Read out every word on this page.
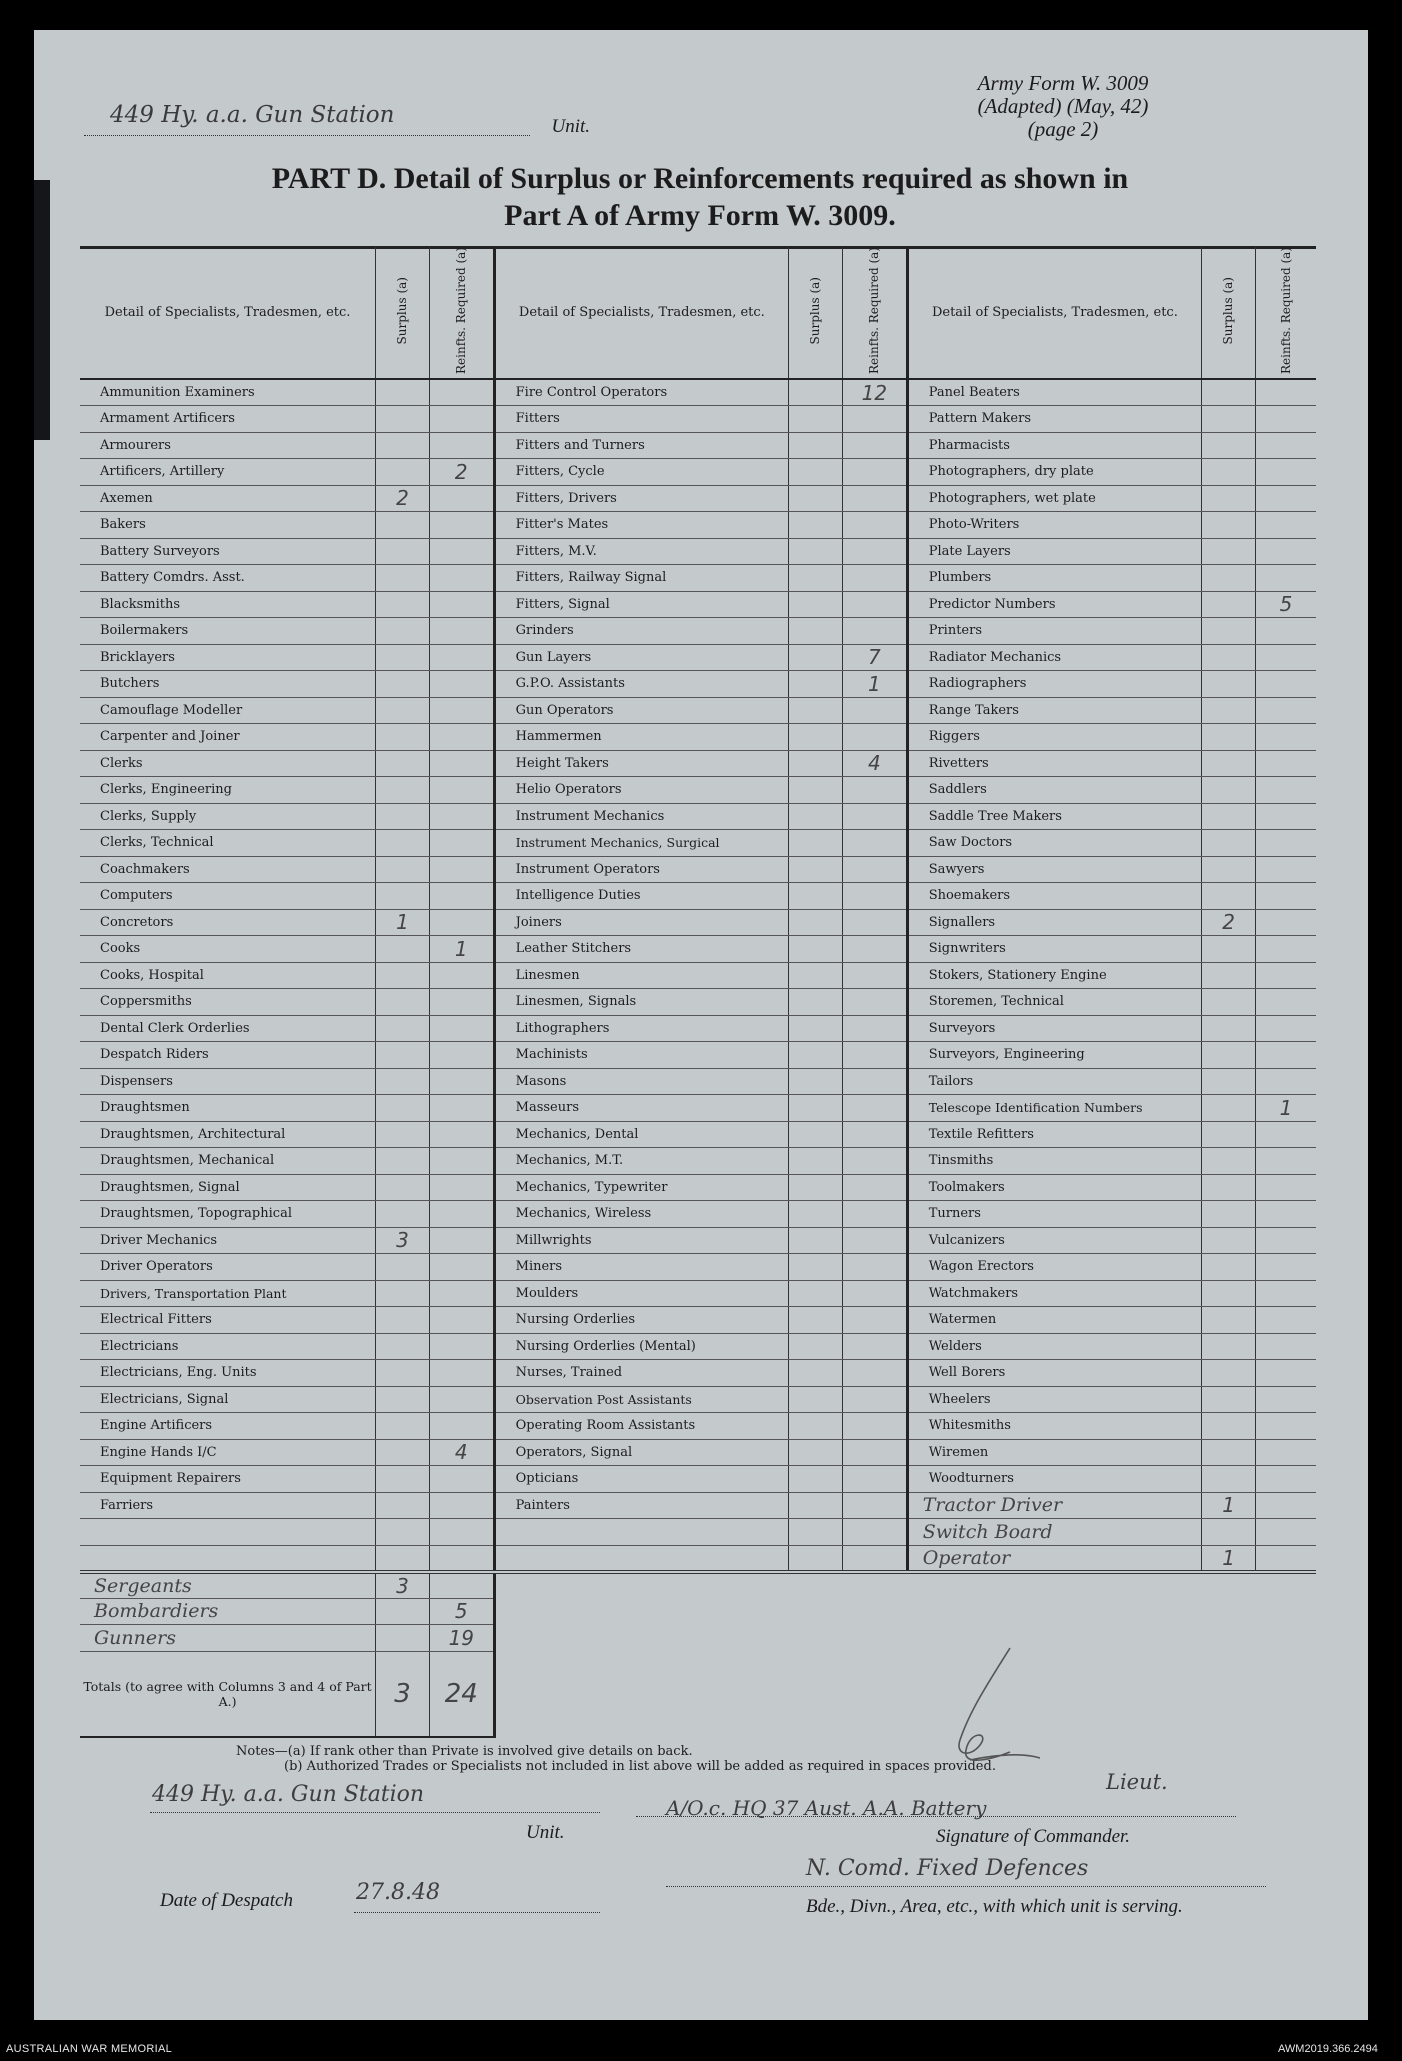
Army Form W. 3009
(Adapted) (May, 42)
(page 2)
449 Hy. a.a. Gun Station	Unit.
PART D. Detail of Surplus or Reinforcements required as shown in
Part A of Army Form W. 3009.
Detail of Specialists, Tradesmen, etc.	Surplus (a)	Reinfts. Required (a)	Detail of Specialists, Tradesmen, etc.	Surplus (a)	Reinfts. Required (a)	Detail of Specialists, Tradesmen, etc.	Surplus (a)	Reinfts. Required (a)
Ammunition Examiners			Fire Control Operators		12	Panel Beaters		
Armament Artificers			Fitters			Pattern Makers		
Armourers			Fitters and Turners			Pharmacists		
Artificers, Artillery		2	Fitters, Cycle			Photographers, dry plate		
Axemen	2		Fitters, Drivers			Photographers, wet plate		
Bakers			Fitter's Mates			Photo-Writers		
Battery Surveyors			Fitters, M.V.			Plate Layers		
Battery Comdrs. Asst.			Fitters, Railway Signal			Plumbers		
Blacksmiths			Fitters, Signal			Predictor Numbers		5
Boilermakers			Grinders			Printers		
Bricklayers			Gun Layers		7	Radiator Mechanics		
Butchers			G.P.O. Assistants		1	Radiographers		
Camouflage Modeller			Gun Operators			Range Takers		
Carpenter and Joiner			Hammermen			Riggers		
Clerks			Height Takers		4	Rivetters		
Clerks, Engineering			Helio Operators			Saddlers		
Clerks, Supply			Instrument Mechanics			Saddle Tree Makers		
Clerks, Technical			Instrument Mechanics, Surgical			Saw Doctors		
Coachmakers			Instrument Operators			Sawyers		
Computers			Intelligence Duties			Shoemakers		
Concretors	1		Joiners			Signallers	2	
Cooks		1	Leather Stitchers			Signwriters		
Cooks, Hospital			Linesmen			Stokers, Stationery Engine		
Coppersmiths			Linesmen, Signals			Storemen, Technical		
Dental Clerk Orderlies			Lithographers			Surveyors		
Despatch Riders			Machinists			Surveyors, Engineering		
Dispensers			Masons			Tailors		
Draughtsmen			Masseurs			Telescope Identification Numbers		1
Draughtsmen, Architectural			Mechanics, Dental			Textile Refitters		
Draughtsmen, Mechanical			Mechanics, M.T.			Tinsmiths		
Draughtsmen, Signal			Mechanics, Typewriter			Toolmakers		
Draughtsmen, Topographical			Mechanics, Wireless			Turners		
Driver Mechanics	3		Millwrights			Vulcanizers		
Driver Operators			Miners			Wagon Erectors		
Drivers, Transportation Plant			Moulders			Watchmakers		
Electrical Fitters			Nursing Orderlies			Watermen		
Electricians			Nursing Orderlies (Mental)			Welders		
Electricians, Eng. Units			Nurses, Trained			Well Borers		
Electricians, Signal			Observation Post Assistants			Wheelers		
Engine Artificers			Operating Room Assistants			Whitesmiths		
Engine Hands I/C		4	Operators, Signal			Wiremen		
Equipment Repairers			Opticians			Woodturners		
Farriers			Painters			Tractor Driver	1	
						Switch Board		
						Operator	1	
Sergeants	3							
Bombardiers		5						
Gunners		19						
Totals (to agree with Columns 3 and 4 of Part A.)	3	24						
Notes—(a) If rank other than Private is involved give details on back.
(b) Authorized Trades or Specialists not included in list above will be added as required in spaces provided.
449 Hy. a.a. Gun Station
Unit.
Lieut.
A/O.c. HQ 37 Aust. A.A. Battery
Signature of Commander.
Date of Despatch	27.8.48
N. Comd. Fixed Defences
Bde., Divn., Area, etc., with which unit is serving.
AUSTRALIAN WAR MEMORIAL	AWM2019.366.2494
